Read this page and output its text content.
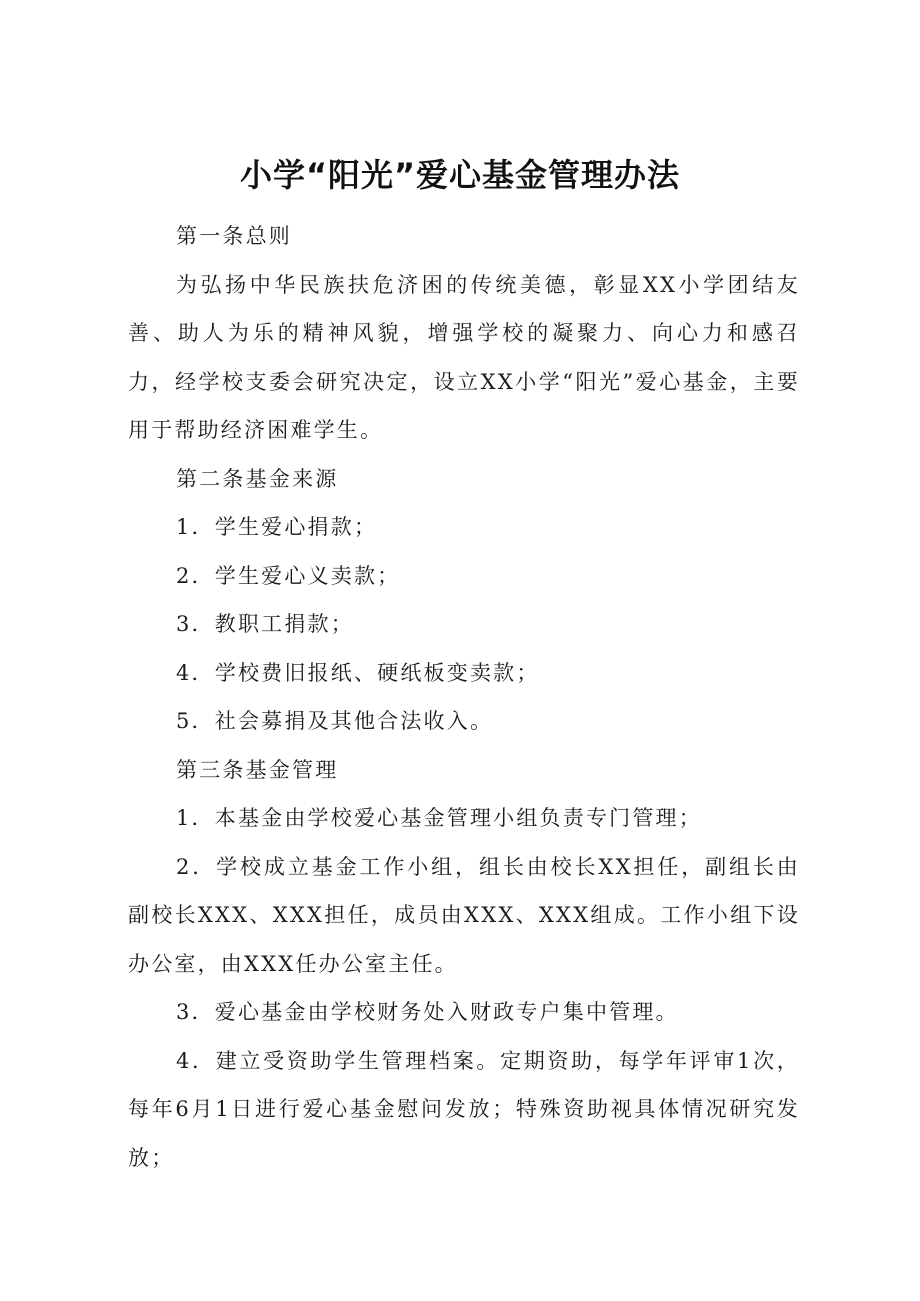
小学“阳光”爱心基金管理办法

第一条总则

为弘扬中华民族扶危济困的传统美德，彰显XX小学团结友善、助人为乐的精神风貌，增强学校的凝聚力、向心力和感召力，经学校支委会研究决定，设立XX小学“阳光”爱心基金，主要用于帮助经济困难学生。

第二条基金来源

1．学生爱心捐款；

2．学生爱心义卖款；

3．教职工捐款；

4．学校费旧报纸、硬纸板变卖款；

5．社会募捐及其他合法收入。

第三条基金管理

1．本基金由学校爱心基金管理小组负责专门管理；

2．学校成立基金工作小组，组长由校长XX担任，副组长由副校长XXX、XXX担任，成员由XXX、XXX组成。工作小组下设办公室，由XXX任办公室主任。

3．爱心基金由学校财务处入财政专户集中管理。

4．建立受资助学生管理档案。定期资助，每学年评审1次，每年6月1日进行爱心基金慰问发放；特殊资助视具体情况研究发放；
